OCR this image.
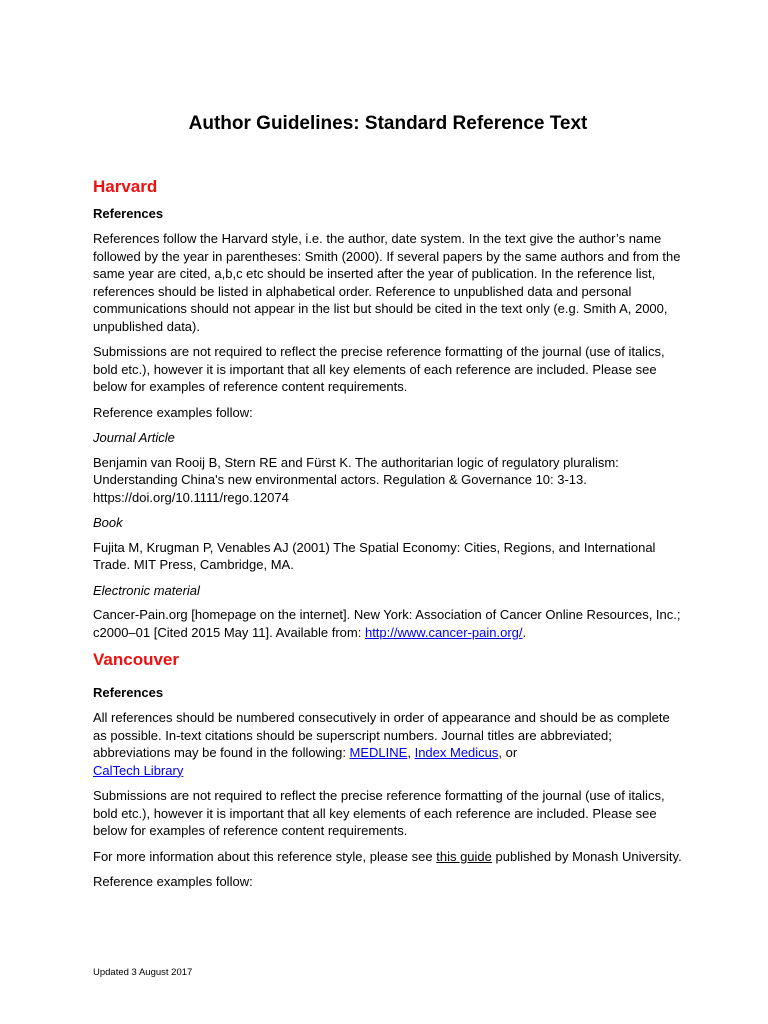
Author Guidelines: Standard Reference Text
Harvard
References

References follow the Harvard style, i.e. the author, date system. In the text give the author’s name followed by the year in parentheses: Smith (2000). If several papers by the same authors and from the same year are cited, a,b,c etc should be inserted after the year of publication. In the reference list, references should be listed in alphabetical order. Reference to unpublished data and personal communications should not appear in the list but should be cited in the text only (e.g. Smith A, 2000, unpublished data).

Submissions are not required to reflect the precise reference formatting of the journal (use of italics, bold etc.), however it is important that all key elements of each reference are included. Please see below for examples of reference content requirements.

Reference examples follow:

Journal Article

Benjamin van Rooij B, Stern RE and Fürst K. The authoritarian logic of regulatory pluralism: Understanding China's new environmental actors. Regulation & Governance 10: 3-13.
https://doi.org/10.1111/rego.12074

Book

Fujita M, Krugman P, Venables AJ (2001) The Spatial Economy: Cities, Regions, and International Trade. MIT Press, Cambridge, MA.

Electronic material

Cancer-Pain.org [homepage on the internet]. New York: Association of Cancer Online Resources, Inc.; c2000–01 [Cited 2015 May 11]. Available from: http://www.cancer-pain.org/.

Vancouver
References

All references should be numbered consecutively in order of appearance and should be as complete as possible. In-text citations should be superscript numbers. Journal titles are abbreviated; abbreviations may be found in the following: MEDLINE, Index Medicus, or
CalTech Library

Submissions are not required to reflect the precise reference formatting of the journal (use of italics, bold etc.), however it is important that all key elements of each reference are included. Please see below for examples of reference content requirements.

For more information about this reference style, please see this guide published by Monash University.

Reference examples follow:

Updated 3 August 2017
